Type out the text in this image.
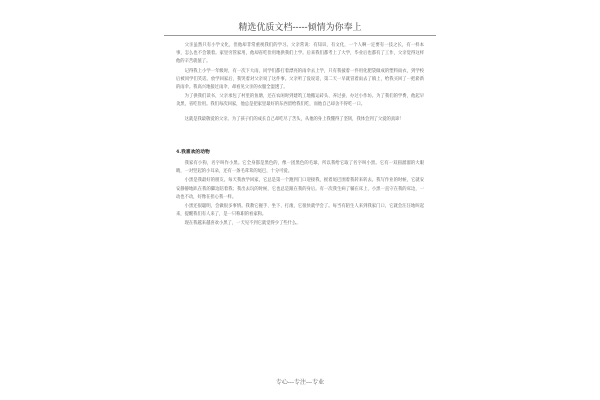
精选优质文档-----倾情为你奉上

父亲虽然只有小学文化，但他却非常重视我们的学习。父亲常说：有知识、有文化，一个人啊一定要有一技之长，有一样本事，怎么也不会饿着。家里穷管家用，他却省吃俭用地供我们上学。后来我们都考上了大学，毕业后也都有了工作，父亲觉得这样他的辛苦就值了。

记得我上小学一年级时，有一次下大雨，同学们都打着漂亮的雨伞去上学，只有我披着一件用化肥袋做成的塑料雨衣，到学校后被同学们笑话。放学回家后，我哭着对父亲说了这件事。父亲听了没说话，第二天一早就冒着雨去了镇上，给我买回了一把崭新的雨伞。我高兴地接过雨伞，却看见父亲的衣服全湿透了。

为了供我们读书，父亲承包了村里的鱼塘，还在农闲时到建筑工地搬运砖头、养过蚕、办过小作坊。为了我们的学费，他起早贪黑，省吃俭用。我们每次回家，他总是把家里最好的东西留给我们吃，而他自己却舍不得吃一口。

这就是我最敬爱的父亲。为了孩子们的成长自己却吃尽了苦头，从他的身上我懂得了坚韧，我体会到了父爱的真谛！

4.我喜欢的动物

我家有小狗，名字叫作小黑。它全身都是黑色的，像一团黑色的毛球，所以我给它取了名字叫小黑。它有一双圆溜溜的大眼睛，一对竖起的小耳朵，还有一条毛茸茸的尾巴，十分可爱。

小黑是我最好的朋友。每天我放学回家，它总是第一个跑到门口迎接我，摇着尾巴围着我转来转去。我写作业的时候，它就安安静静地趴在我的脚边陪着我；我出去玩的时候，它也总是跟在我的身后。有一次我生病了躺在床上，小黑一直守在我的床边，一动也不动，好像在担心我一样。

小黑还很聪明，会做很多事情。我教它握手、坐下、打滚，它很快就学会了。每当有陌生人来到我家门口，它就会汪汪地叫起来，提醒我们有人来了，是一只称职的看家狗。

现在我越来越喜欢小黑了，一天见不到它就觉得少了些什么。

专心---专注---专业
